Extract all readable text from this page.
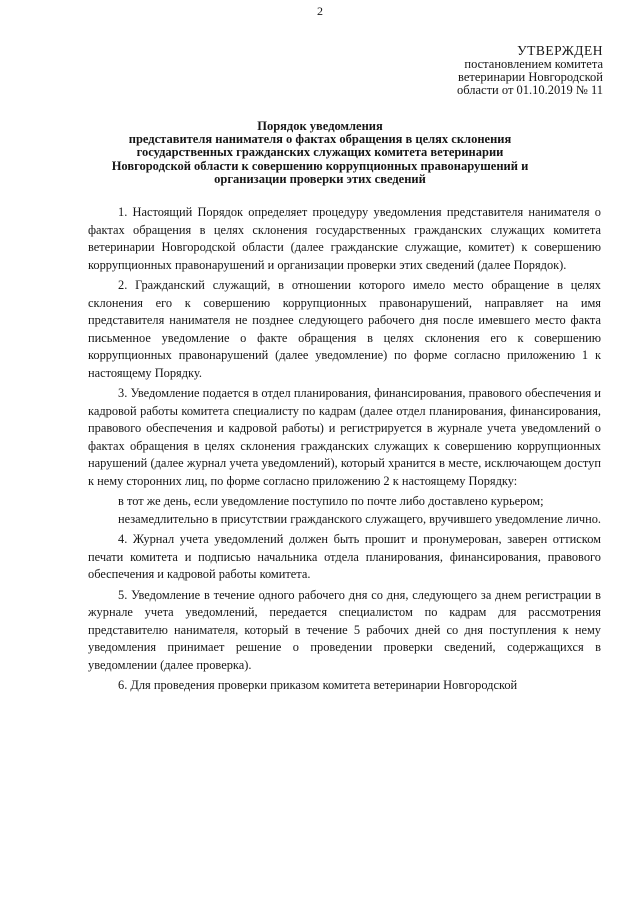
2
УТВЕРЖДЕН
постановлением комитета
ветеринарии Новгородской
области от 01.10.2019 № 11
Порядок уведомления
представителя нанимателя о фактах обращения в целях склонения
государственных гражданских служащих комитета ветеринарии
Новгородской области к совершению коррупционных правонарушений и
организации проверки этих сведений

1. Настоящий Порядок определяет процедуру уведомления представителя нанимателя о фактах обращения в целях склонения государственных гражданских служащих комитета ветеринарии Новгородской области (далее гражданские служащие, комитет) к совершению коррупционных правонарушений и организации проверки этих сведений (далее Порядок).

2. Гражданский служащий, в отношении которого имело место обращение в целях склонения его к совершению коррупционных правонарушений, направляет на имя представителя нанимателя не позднее следующего рабочего дня после имевшего место факта письменное уведомление о факте обращения в целях склонения его к совершению коррупционных правонарушений (далее уведомление) по форме согласно приложению 1 к настоящему Порядку.

3. Уведомление подается в отдел планирования, финансирования, правового обеспечения и кадровой работы комитета специалисту по кадрам (далее отдел планирования, финансирования, правового обеспечения и кадровой работы) и регистрируется в журнале учета уведомлений о фактах обращения в целях склонения гражданских служащих к совершению коррупционных нарушений (далее журнал учета уведомлений), который хранится в месте, исключающем доступ к нему сторонних лиц, по форме согласно приложению 2 к настоящему Порядку:

в тот же день, если уведомление поступило по почте либо доставлено курьером;

незамедлительно в присутствии гражданского служащего, вручившего уведомление лично.

4. Журнал учета уведомлений должен быть прошит и пронумерован, заверен оттиском печати комитета и подписью начальника отдела планирования, финансирования, правового обеспечения и кадровой работы комитета.

5. Уведомление в течение одного рабочего дня со дня, следующего за днем регистрации в журнале учета уведомлений, передается специалистом по кадрам для рассмотрения представителю нанимателя, который в течение 5 рабочих дней со дня поступления к нему уведомления принимает решение о проведении проверки сведений, содержащихся в уведомлении (далее проверка).

6. Для проведения проверки приказом комитета ветеринарии Новгородской
